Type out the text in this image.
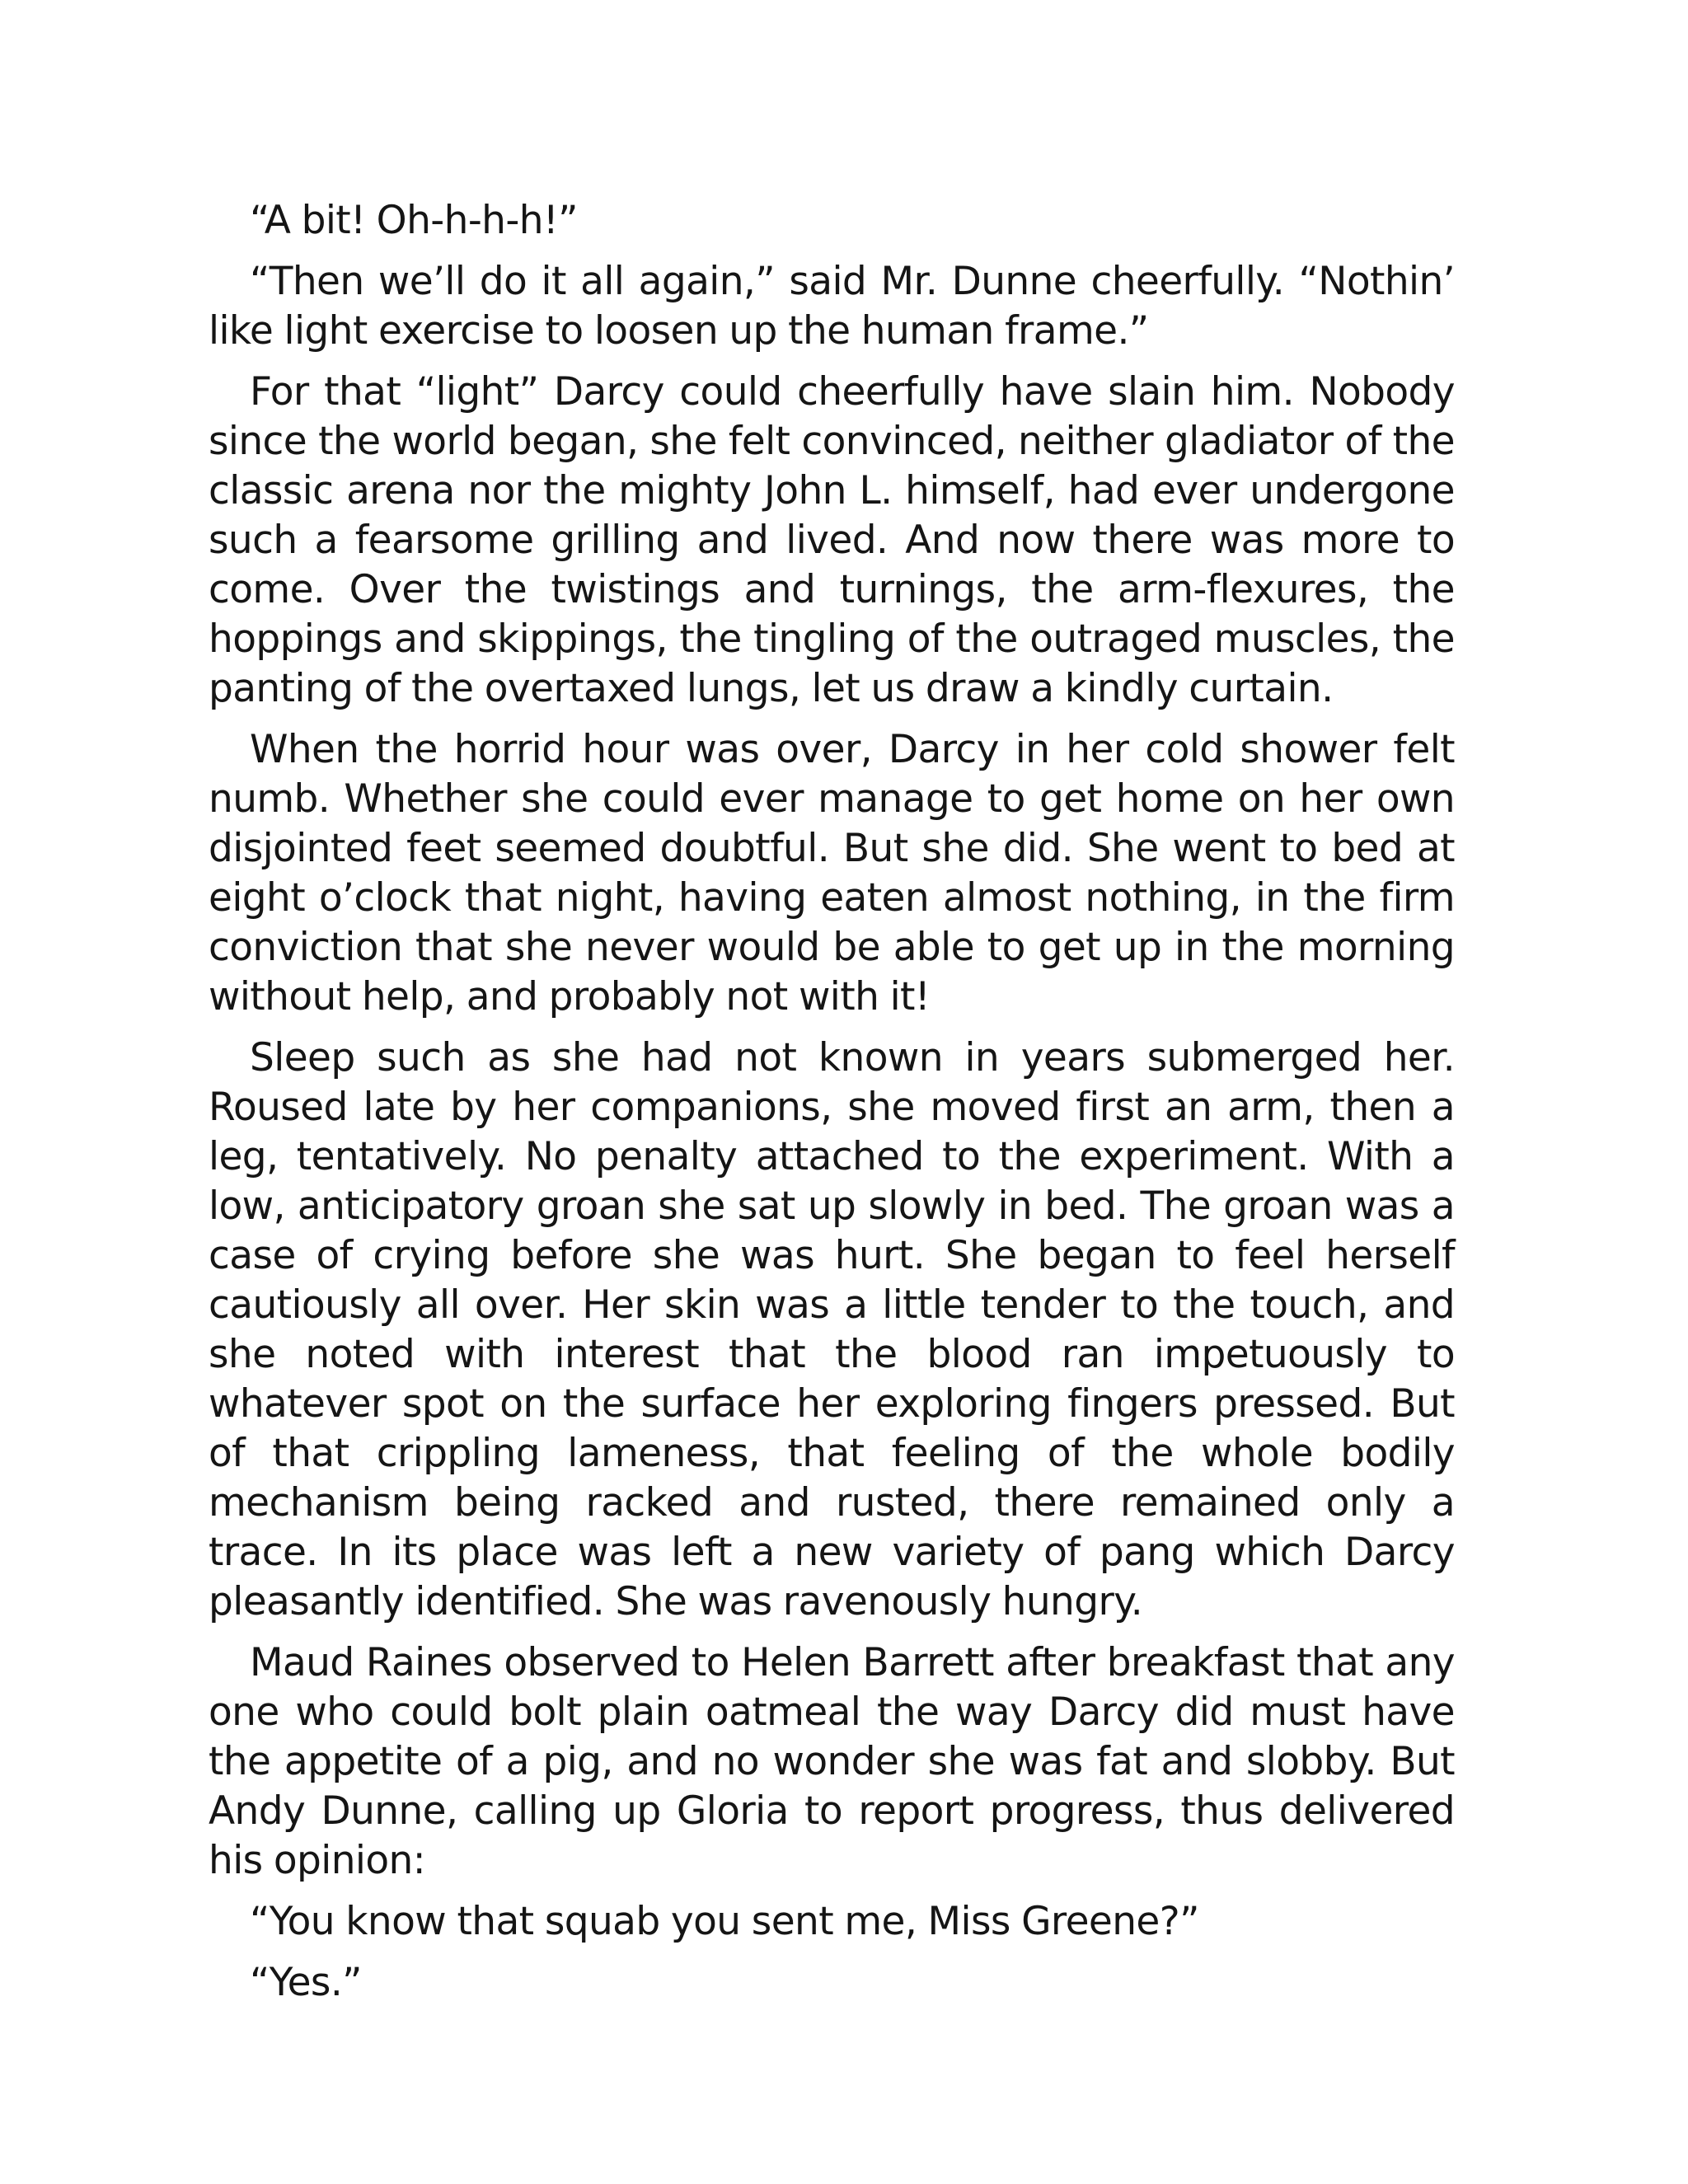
“A bit! Oh-h-h-h!”

“Then we’ll do it all again,” said Mr. Dunne cheerfully. “Nothin’ like light exercise to loosen up the human frame.”

For that “light” Darcy could cheerfully have slain him. Nobody since the world began, she felt convinced, neither gladiator of the classic arena nor the mighty John L. himself, had ever undergone such a fearsome grilling and lived. And now there was more to come. Over the twistings and turnings, the arm-flexures, the hoppings and skippings, the tingling of the outraged muscles, the panting of the overtaxed lungs, let us draw a kindly curtain.

When the horrid hour was over, Darcy in her cold shower felt numb. Whether she could ever manage to get home on her own disjointed feet seemed doubtful. But she did. She went to bed at eight o’clock that night, having eaten almost nothing, in the firm conviction that she never would be able to get up in the morning without help, and probably not with it!

Sleep such as she had not known in years submerged her. Roused late by her companions, she moved first an arm, then a leg, tentatively. No penalty attached to the experiment. With a low, anticipatory groan she sat up slowly in bed. The groan was a case of crying before she was hurt. She began to feel herself cautiously all over. Her skin was a little tender to the touch, and she noted with interest that the blood ran impetuously to whatever spot on the surface her exploring fingers pressed. But of that crippling lameness, that feeling of the whole bodily mechanism being racked and rusted, there remained only a trace. In its place was left a new variety of pang which Darcy pleasantly identified. She was ravenously hungry.

Maud Raines observed to Helen Barrett after breakfast that any one who could bolt plain oatmeal the way Darcy did must have the appetite of a pig, and no wonder she was fat and slobby. But Andy Dunne, calling up Gloria to report progress, thus delivered his opinion:

“You know that squab you sent me, Miss Greene?”

“Yes.”
